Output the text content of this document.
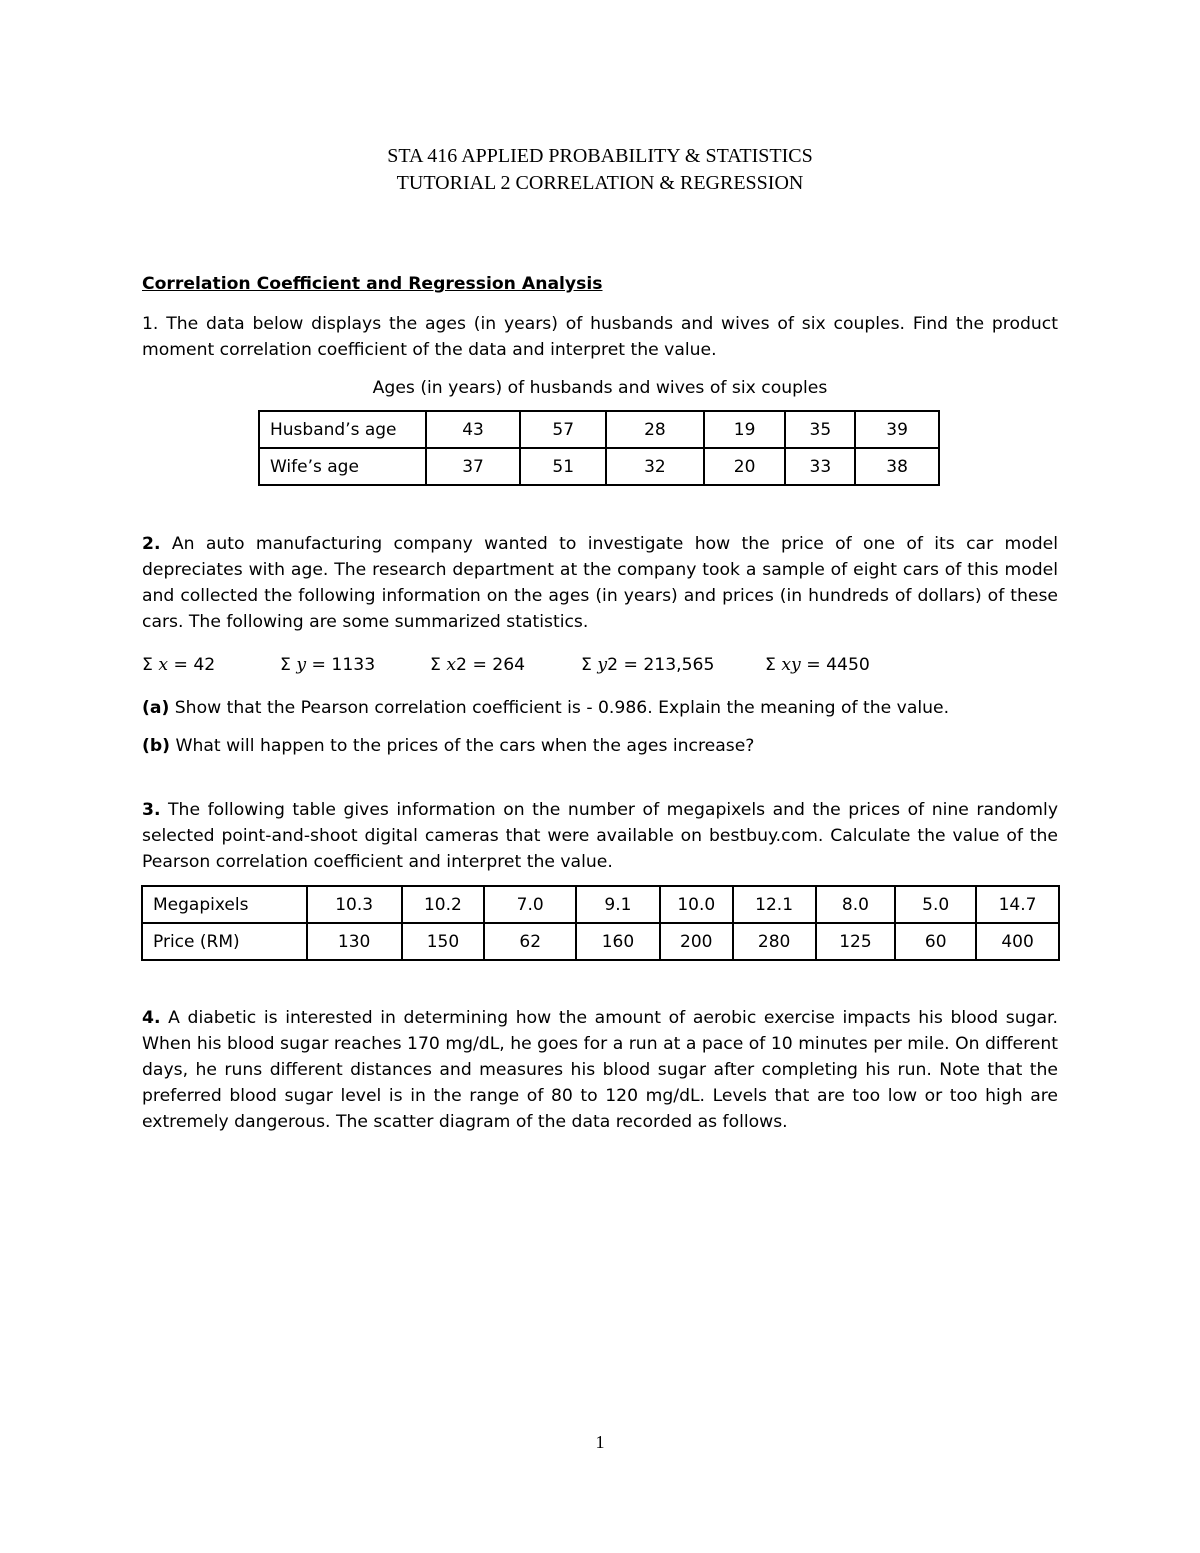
STA 416 APPLIED PROBABILITY & STATISTICS
TUTORIAL 2 CORRELATION & REGRESSION
Correlation Coefficient and Regression Analysis
1. The data below displays the ages (in years) of husbands and wives of six couples. Find the product moment correlation coefficient of the data and interpret the value.
Ages (in years) of husbands and wives of six couples
Husband’s age	43	57	28	19	35	39
Wife’s age	37	51	32	20	33	38
2. An auto manufacturing company wanted to investigate how the price of one of its car model depreciates with age. The research department at the company took a sample of eight cars of this model and collected the following information on the ages (in years) and prices (in hundreds of dollars) of these cars. The following are some summarized statistics.
Σ x = 42	Σ y = 1133	Σ x2 = 264	Σ y2 = 213,565	Σ xy = 4450
(a) Show that the Pearson correlation coefficient is - 0.986. Explain the meaning of the value.
(b) What will happen to the prices of the cars when the ages increase?
3. The following table gives information on the number of megapixels and the prices of nine randomly selected point-and-shoot digital cameras that were available on bestbuy.com. Calculate the value of the Pearson correlation coefficient and interpret the value.
Megapixels	10.3	10.2	7.0	9.1	10.0	12.1	8.0	5.0	14.7
Price (RM)	130	150	62	160	200	280	125	60	400
4. A diabetic is interested in determining how the amount of aerobic exercise impacts his blood sugar. When his blood sugar reaches 170 mg/dL, he goes for a run at a pace of 10 minutes per mile. On different days, he runs different distances and measures his blood sugar after completing his run. Note that the preferred blood sugar level is in the range of 80 to 120 mg/dL. Levels that are too low or too high are extremely dangerous. The scatter diagram of the data recorded as follows.
1
